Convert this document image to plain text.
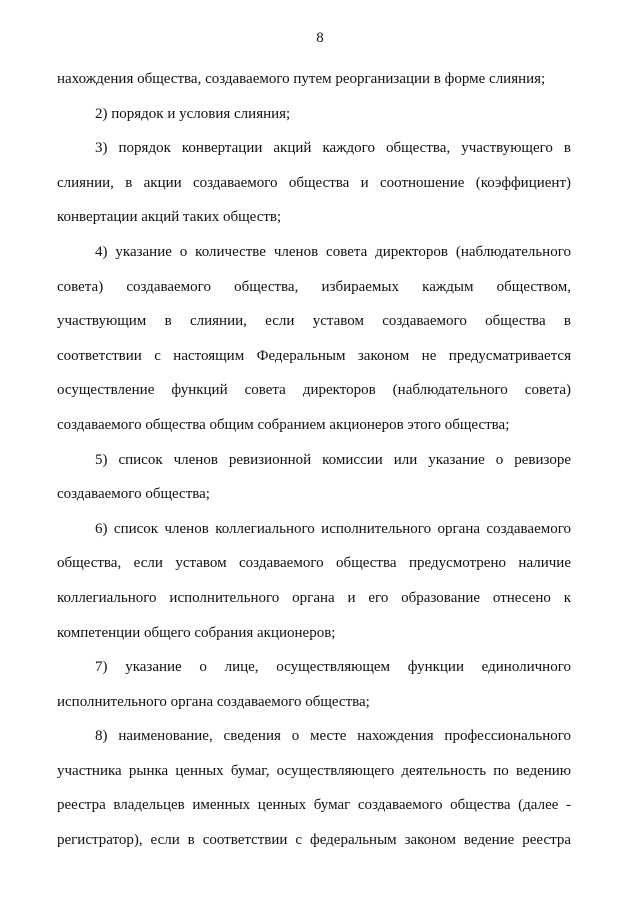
8
нахождения общества, создаваемого путем реорганизации в форме слияния;
2) порядок и условия слияния;
3) порядок конвертации акций каждого общества, участвующего в
слиянии, в акции создаваемого общества и соотношение (коэффициент)
конвертации акций таких обществ;
4) указание о количестве членов совета директоров (наблюдательного
совета) создаваемого общества, избираемых каждым обществом,
участвующим в слиянии, если уставом создаваемого общества в
соответствии с настоящим Федеральным законом не предусматривается
осуществление функций совета директоров (наблюдательного совета)
создаваемого общества общим собранием акционеров этого общества;
5) список членов ревизионной комиссии или указание о ревизоре
создаваемого общества;
6) список членов коллегиального исполнительного органа создаваемого
общества, если уставом создаваемого общества предусмотрено наличие
коллегиального исполнительного органа и его образование отнесено к
компетенции общего собрания акционеров;
7) указание о лице, осуществляющем функции единоличного
исполнительного органа создаваемого общества;
8) наименование, сведения о месте нахождения профессионального
участника рынка ценных бумаг, осуществляющего деятельность по ведению
реестра владельцев именных ценных бумаг создаваемого общества (далее -
регистратор), если в соответствии с федеральным законом ведение реестра
